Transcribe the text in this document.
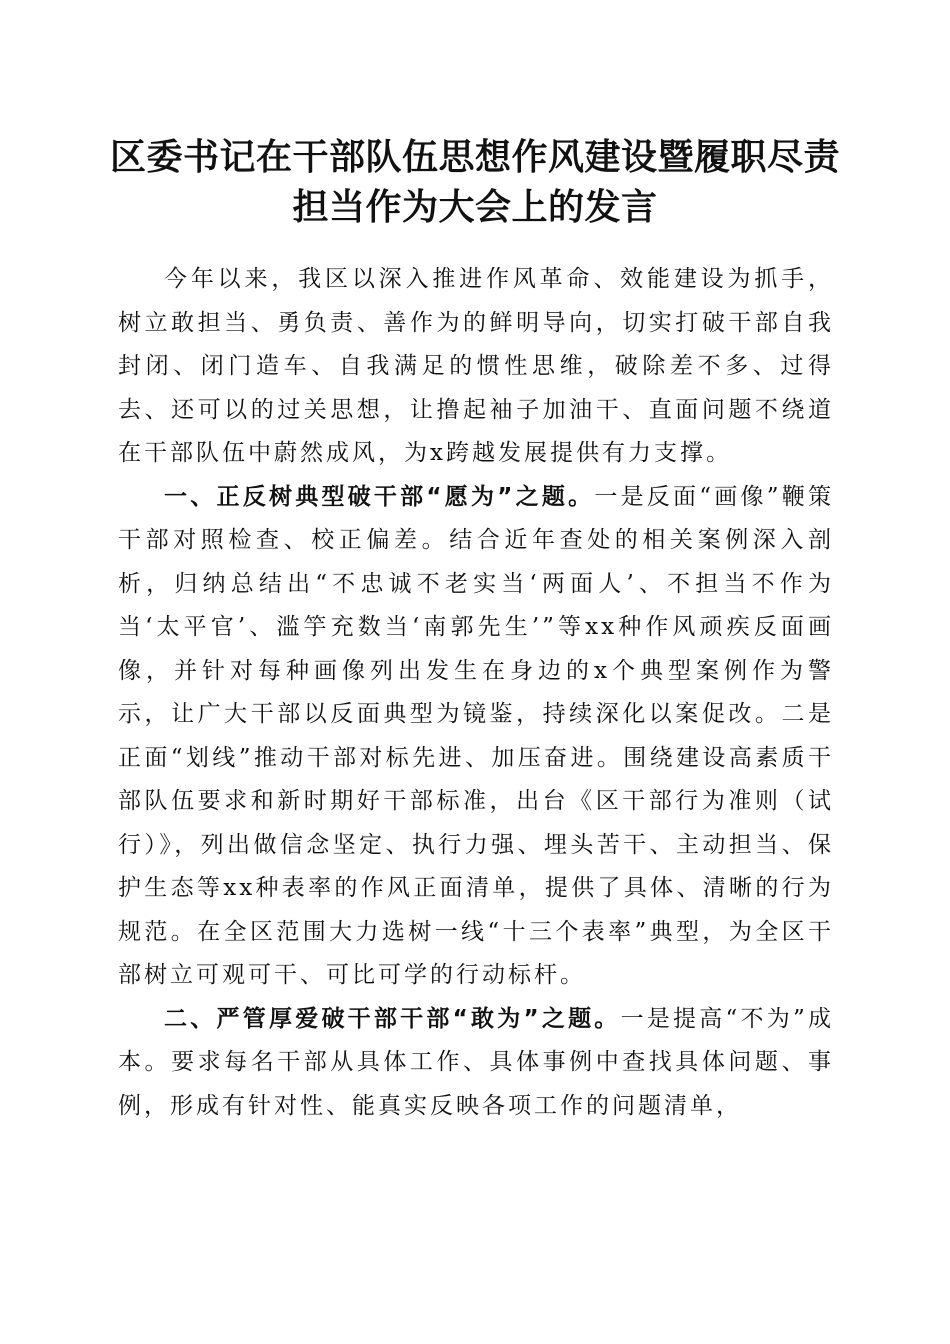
区委书记在干部队伍思想作风建设暨履职尽责
担当作为大会上的发言

今年以来，我区以深入推进作风革命、效能建设为抓手，树立敢担当、勇负责、善作为的鲜明导向，切实打破干部自我封闭、闭门造车、自我满足的惯性思维，破除差不多、过得去、还可以的过关思想，让撸起袖子加油干、直面问题不绕道在干部队伍中蔚然成风，为x跨越发展提供有力支撑。

一、正反树典型破干部“愿为”之题。一是反面“画像”鞭策干部对照检查、校正偏差。结合近年查处的相关案例深入剖析，归纳总结出“不忠诚不老实当‘两面人’、不担当不作为当‘太平官’、滥竽充数当‘南郭先生’”等xx种作风顽疾反面画像，并针对每种画像列出发生在身边的x个典型案例作为警示，让广大干部以反面典型为镜鉴，持续深化以案促改。二是正面“划线”推动干部对标先进、加压奋进。围绕建设高素质干部队伍要求和新时期好干部标准，出台《区干部行为准则（试行）》，列出做信念坚定、执行力强、埋头苦干、主动担当、保护生态等xx种表率的作风正面清单，提供了具体、清晰的行为规范。在全区范围大力选树一线“十三个表率”典型，为全区干部树立可观可干、可比可学的行动标杆。

二、严管厚爱破干部干部“敢为”之题。一是提高“不为”成本。要求每名干部从具体工作、具体事例中查找具体问题、事例，形成有针对性、能真实反映各项工作的问题清单，
